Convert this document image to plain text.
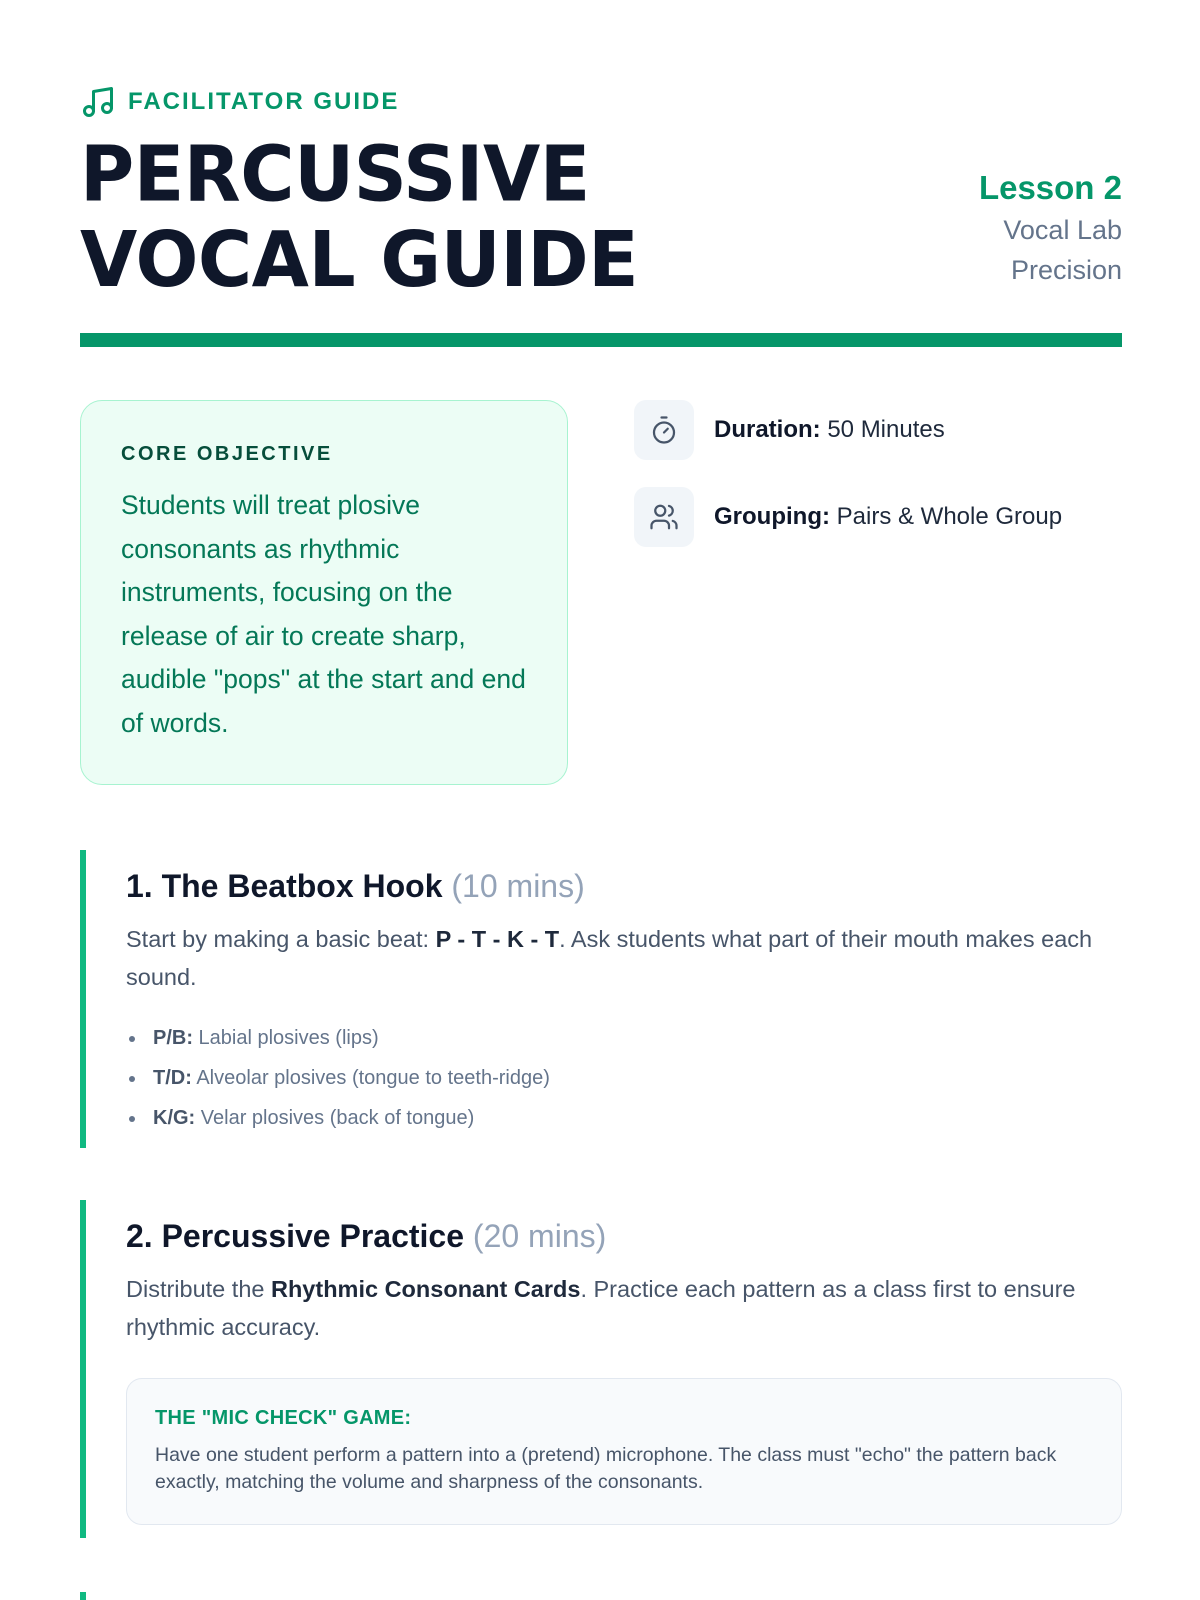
FACILITATOR GUIDE
PERCUSSIVE
VOCAL GUIDE
Lesson 2
Vocal Lab
Precision
CORE OBJECTIVE

Students will treat plosive consonants as rhythmic instruments, focusing on the release of air to create sharp, audible "pops" at the start and end of words.

Duration: 50 Minutes
Grouping: Pairs & Whole Group
1. The Beatbox Hook (10 mins)

Start by making a basic beat: P - T - K - T. Ask students what part of their mouth makes each sound.

P/B: Labial plosives (lips)
T/D: Alveolar plosives (tongue to teeth-ridge)
K/G: Velar plosives (back of tongue)
2. Percussive Practice (20 mins)

Distribute the Rhythmic Consonant Cards. Practice each pattern as a class first to ensure rhythmic accuracy.

THE "MIC CHECK" GAME:

Have one student perform a pattern into a (pretend) microphone. The class must "echo" the pattern back exactly, matching the volume and sharpness of the consonants.
